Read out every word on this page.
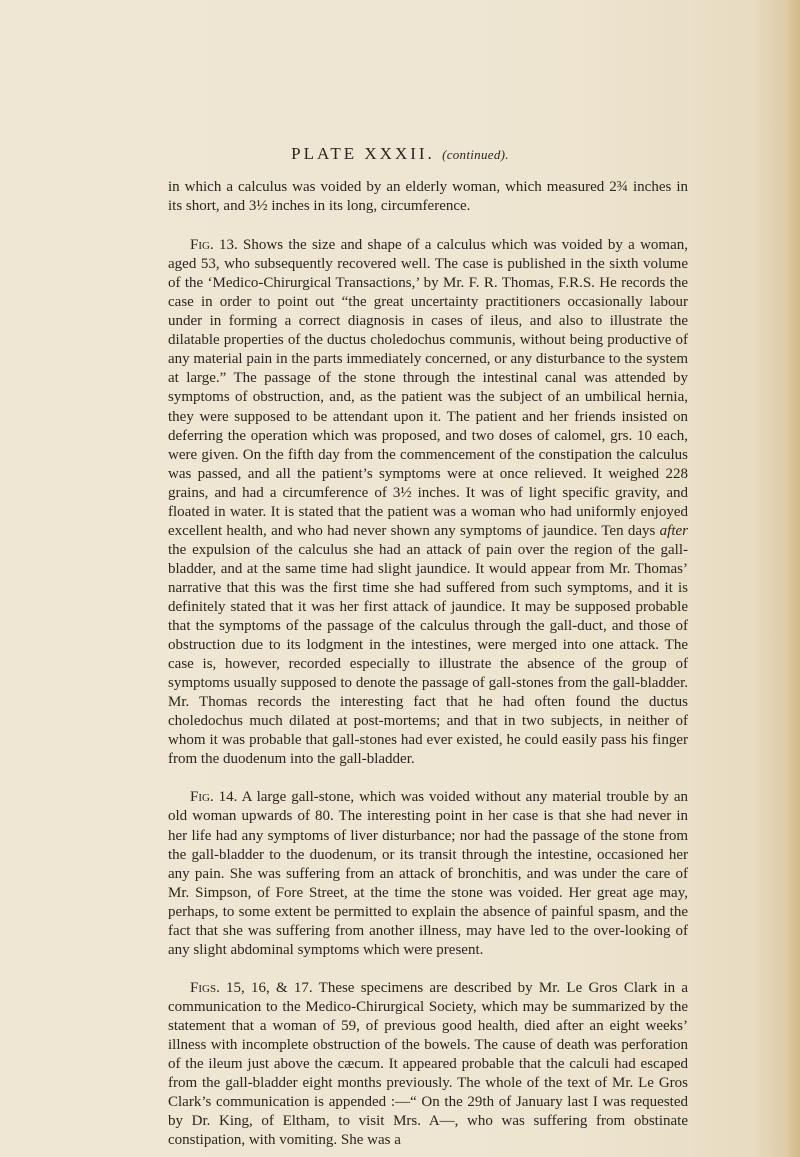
PLATE XXXII. (continued).

in which a calculus was voided by an elderly woman, which measured 2¾ inches in its short, and 3½ inches in its long, circumference.

Fig. 13. Shows the size and shape of a calculus which was voided by a woman, aged 53, who subsequently recovered well. The case is published in the sixth volume of the ‘Medico-Chirurgical Transactions,’ by Mr. F. R. Thomas, F.R.S. He records the case in order to point out “the great uncertainty practitioners occasionally labour under in forming a correct diagnosis in cases of ileus, and also to illustrate the dilatable properties of the ductus choledochus communis, without being productive of any material pain in the parts immediately concerned, or any disturbance to the system at large.” The passage of the stone through the intestinal canal was attended by symptoms of obstruction, and, as the patient was the subject of an umbilical hernia, they were supposed to be attendant upon it. The patient and her friends insisted on deferring the operation which was proposed, and two doses of calomel, grs. 10 each, were given. On the fifth day from the commencement of the constipation the calculus was passed, and all the patient’s symptoms were at once relieved. It weighed 228 grains, and had a circumference of 3½ inches. It was of light specific gravity, and floated in water. It is stated that the patient was a woman who had uniformly enjoyed excellent health, and who had never shown any symptoms of jaundice. Ten days after the expulsion of the calculus she had an attack of pain over the region of the gall-bladder, and at the same time had slight jaundice. It would appear from Mr. Thomas’ narrative that this was the first time she had suffered from such symptoms, and it is definitely stated that it was her first attack of jaundice. It may be supposed probable that the symptoms of the passage of the calculus through the gall-duct, and those of obstruction due to its lodgment in the intestines, were merged into one attack. The case is, however, recorded especially to illustrate the absence of the group of symptoms usually supposed to denote the passage of gall-stones from the gall-bladder. Mr. Thomas records the interesting fact that he had often found the ductus choledochus much dilated at post-mortems; and that in two subjects, in neither of whom it was probable that gall-stones had ever existed, he could easily pass his finger from the duodenum into the gall-bladder.

Fig. 14. A large gall-stone, which was voided without any material trouble by an old woman upwards of 80. The interesting point in her case is that she had never in her life had any symptoms of liver disturbance; nor had the passage of the stone from the gall-bladder to the duodenum, or its transit through the intestine, occasioned her any pain. She was suffering from an attack of bronchitis, and was under the care of Mr. Simpson, of Fore Street, at the time the stone was voided. Her great age may, perhaps, to some extent be permitted to explain the absence of painful spasm, and the fact that she was suffering from another illness, may have led to the over-looking of any slight abdominal symptoms which were present.

Figs. 15, 16, & 17. These specimens are described by Mr. Le Gros Clark in a communication to the Medico-Chirurgical Society, which may be summarized by the statement that a woman of 59, of previous good health, died after an eight weeks’ illness with incomplete obstruction of the bowels. The cause of death was perforation of the ileum just above the cæcum. It appeared probable that the calculi had escaped from the gall-bladder eight months previously. The whole of the text of Mr. Le Gros Clark’s communication is appended :—“ On the 29th of January last I was requested by Dr. King, of Eltham, to visit Mrs. A—, who was suffering from obstinate constipation, with vomiting. She was a
